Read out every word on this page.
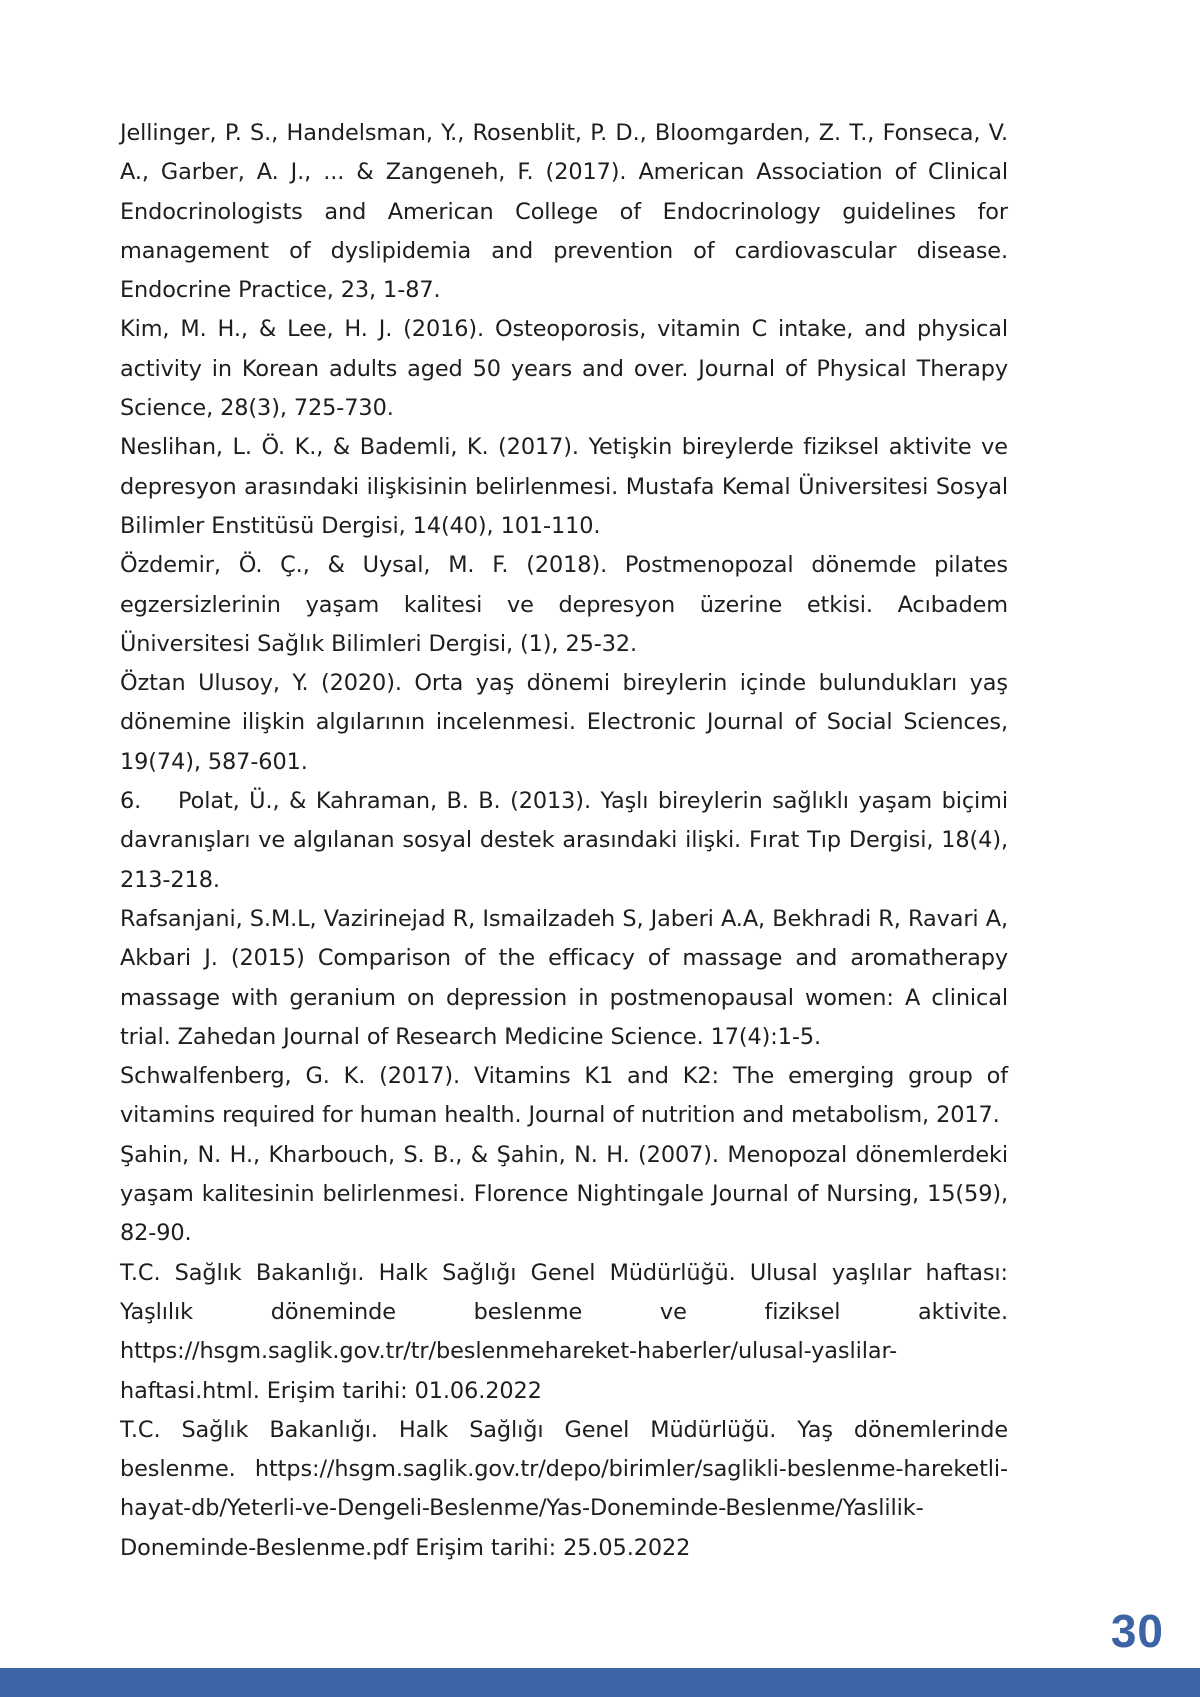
Jellinger, P. S., Handelsman, Y., Rosenblit, P. D., Bloomgarden, Z. T., Fonseca, V. A., Garber, A. J., ... & Zangeneh, F. (2017). American Association of Clinical Endocrinologists and American College of Endocrinology guidelines for management of dyslipidemia and prevention of cardiovascular disease. Endocrine Practice, 23, 1-87.
Kim, M. H., & Lee, H. J. (2016). Osteoporosis, vitamin C intake, and physical activity in Korean adults aged 50 years and over. Journal of Physical Therapy Science, 28(3), 725-730.
Neslihan, L. Ö. K., & Bademli, K. (2017). Yetişkin bireylerde fiziksel aktivite ve depresyon arasındaki ilişkisinin belirlenmesi. Mustafa Kemal Üniversitesi Sosyal Bilimler Enstitüsü Dergisi, 14(40), 101-110.
Özdemir, Ö. Ç., & Uysal, M. F. (2018). Postmenopozal dönemde pilates egzersizlerinin yaşam kalitesi ve depresyon üzerine etkisi. Acıbadem Üniversitesi Sağlık Bilimleri Dergisi, (1), 25-32.
Öztan Ulusoy, Y. (2020). Orta yaş dönemi bireylerin içinde bulundukları yaş dönemine ilişkin algılarının incelenmesi. Electronic Journal of Social Sciences, 19(74), 587-601.
6. Polat, Ü., & Kahraman, B. B. (2013). Yaşlı bireylerin sağlıklı yaşam biçimi davranışları ve algılanan sosyal destek arasındaki ilişki. Fırat Tıp Dergisi, 18(4), 213-218.
Rafsanjani, S.M.L, Vazirinejad R, Ismailzadeh S, Jaberi A.A, Bekhradi R, Ravari A, Akbari J. (2015) Comparison of the efficacy of massage and aromatherapy massage with geranium on depression in postmenopausal women: A clinical trial. Zahedan Journal of Research Medicine Science. 17(4):1-5.
Schwalfenberg, G. K. (2017). Vitamins K1 and K2: The emerging group of vitamins required for human health. Journal of nutrition and metabolism, 2017.
Şahin, N. H., Kharbouch, S. B., & Şahin, N. H. (2007). Menopozal dönemlerdeki yaşam kalitesinin belirlenmesi. Florence Nightingale Journal of Nursing, 15(59), 82-90.
T.C. Sağlık Bakanlığı. Halk Sağlığı Genel Müdürlüğü. Ulusal yaşlılar haftası: Yaşlılık döneminde beslenme ve fiziksel aktivite. https://hsgm.saglik.gov.tr/tr/beslenmehareket-haberler/ulusal-yaslilar-haftasi.html. Erişim tarihi: 01.06.2022
T.C. Sağlık Bakanlığı. Halk Sağlığı Genel Müdürlüğü. Yaş dönemlerinde beslenme. https://hsgm.saglik.gov.tr/depo/birimler/saglikli-beslenme-hareketli-hayat-db/Yeterli-ve-Dengeli-Beslenme/Yas-Doneminde-Beslenme/Yaslilik-Doneminde-Beslenme.pdf Erişim tarihi: 25.05.2022
30
